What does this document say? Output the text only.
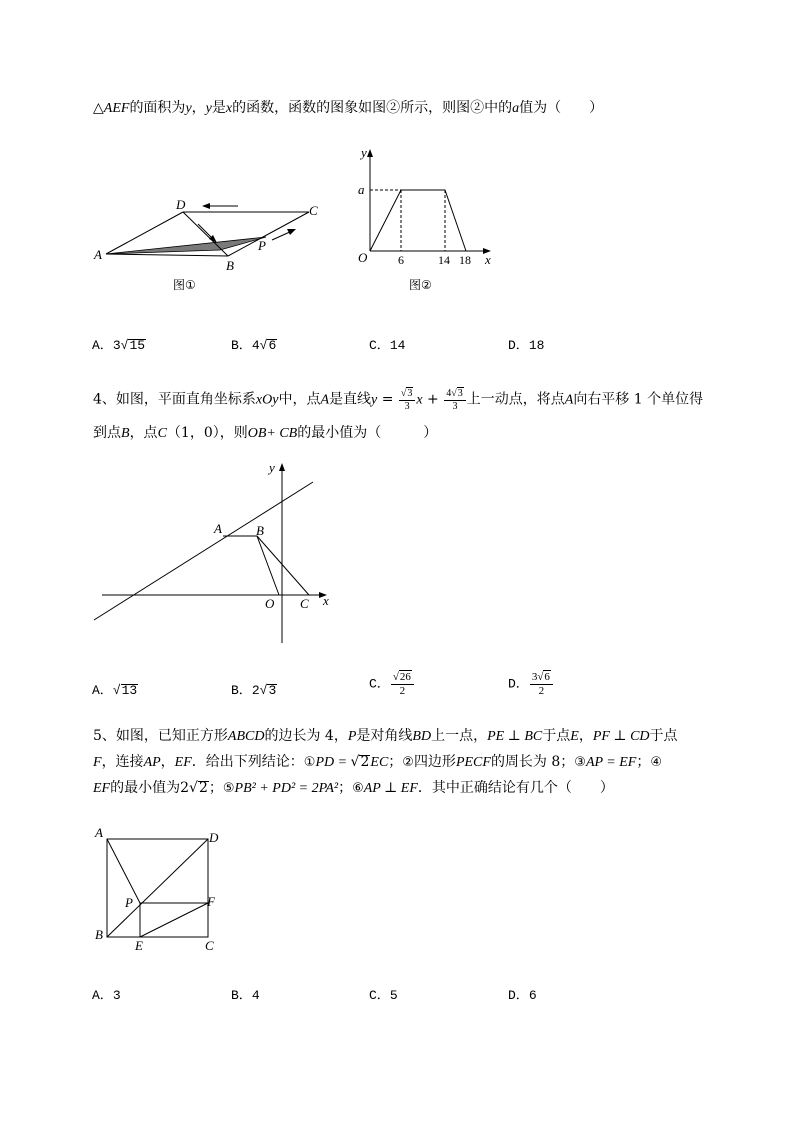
△AEF的面积为y，y是x的函数，函数的图象如图②所示，则图②中的a值为（　　）
A
D	C
B
P
图①
y
x
O
a
6	14 18
图②
A．3√15	B．4√6	C．14	D．18
4、如图，平面直角坐标系xOy中，点A是直线$y = \frac{√3}{3}$ $x + \frac{4√3}{3}$ 上一动点，将点A向右平移 1 个单位得
到点B，点C（1，0），则OB+ CB的最小值为（　　　）
y
x
O C
A	B
A．√13	B．2√3	C． $\frac{√26}{2}$	D． $\frac{3√6}{2}$
5、如图，已知正方形ABCD的边长为 4，P是对角线BD上一点，PE ⊥ BC于点E，PF ⊥ CD于点
F，连接AP，EF．给出下列结论：①PD = √2EC；②四边形PECF的周长为 8；③AP = EF；④
EF的最小值为2√2；⑤PB² + PD² = 2PA²；⑥AP ⊥ EF．其中正确结论有几个（　　）
A	D
B
C
E
F
P
A．3	B．4	C．5	D．6
